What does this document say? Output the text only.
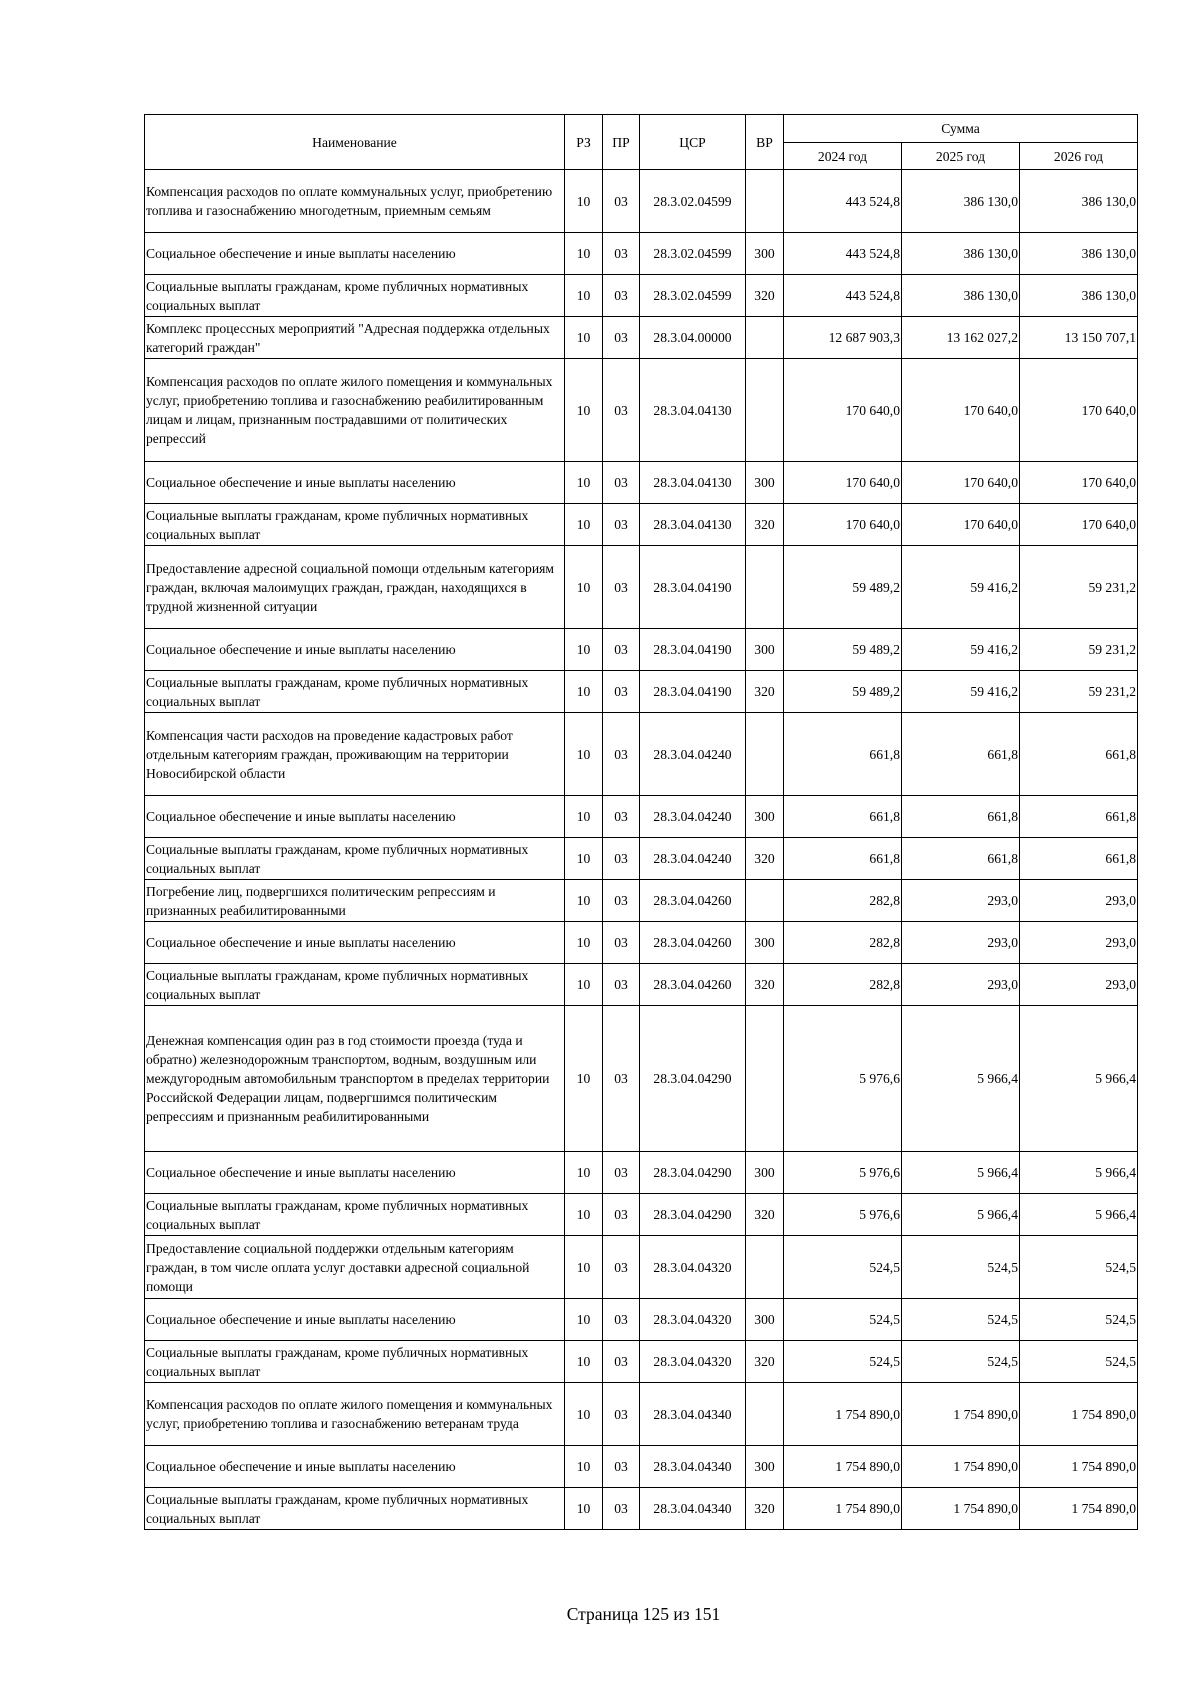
Наименование	РЗ	ПР	ЦСР	ВР	Сумма		
					2024 год	2025 год	2026 год
Компенсация расходов по оплате коммунальных услуг, приобретению топлива и газоснабжению многодетным, приемным семьям	10	03	28.3.02.04599		443 524,8	386 130,0	386 130,0
Социальное обеспечение и иные выплаты населению	10	03	28.3.02.04599	300	443 524,8	386 130,0	386 130,0
Социальные выплаты гражданам, кроме публичных нормативных социальных выплат	10	03	28.3.02.04599	320	443 524,8	386 130,0	386 130,0
Комплекс процессных мероприятий "Адресная поддержка отдельных категорий граждан"	10	03	28.3.04.00000		12 687 903,3	13 162 027,2	13 150 707,1
Компенсация расходов по оплате жилого помещения и коммунальных услуг, приобретению топлива и газоснабжению реабилитированным лицам и лицам, признанным пострадавшими от политических репрессий	10	03	28.3.04.04130		170 640,0	170 640,0	170 640,0
Социальное обеспечение и иные выплаты населению	10	03	28.3.04.04130	300	170 640,0	170 640,0	170 640,0
Социальные выплаты гражданам, кроме публичных нормативных социальных выплат	10	03	28.3.04.04130	320	170 640,0	170 640,0	170 640,0
Предоставление адресной социальной помощи отдельным категориям граждан, включая малоимущих граждан, граждан, находящихся в трудной жизненной ситуации	10	03	28.3.04.04190		59 489,2	59 416,2	59 231,2
Социальное обеспечение и иные выплаты населению	10	03	28.3.04.04190	300	59 489,2	59 416,2	59 231,2
Социальные выплаты гражданам, кроме публичных нормативных социальных выплат	10	03	28.3.04.04190	320	59 489,2	59 416,2	59 231,2
Компенсация части расходов на проведение кадастровых работ отдельным категориям граждан, проживающим на территории Новосибирской области	10	03	28.3.04.04240		661,8	661,8	661,8
Социальное обеспечение и иные выплаты населению	10	03	28.3.04.04240	300	661,8	661,8	661,8
Социальные выплаты гражданам, кроме публичных нормативных социальных выплат	10	03	28.3.04.04240	320	661,8	661,8	661,8
Погребение лиц, подвергшихся политическим репрессиям и признанных реабилитированными	10	03	28.3.04.04260		282,8	293,0	293,0
Социальное обеспечение и иные выплаты населению	10	03	28.3.04.04260	300	282,8	293,0	293,0
Социальные выплаты гражданам, кроме публичных нормативных социальных выплат	10	03	28.3.04.04260	320	282,8	293,0	293,0
Денежная компенсация один раз в год стоимости проезда (туда и обратно) железнодорожным транспортом, водным, воздушным или междугородным автомобильным транспортом в пределах территории Российской Федерации лицам, подвергшимся политическим репрессиям и признанным реабилитированными	10	03	28.3.04.04290		5 976,6	5 966,4	5 966,4
Социальное обеспечение и иные выплаты населению	10	03	28.3.04.04290	300	5 976,6	5 966,4	5 966,4
Социальные выплаты гражданам, кроме публичных нормативных социальных выплат	10	03	28.3.04.04290	320	5 976,6	5 966,4	5 966,4
Предоставление социальной поддержки отдельным категориям граждан, в том числе оплата услуг доставки адресной социальной помощи	10	03	28.3.04.04320		524,5	524,5	524,5
Социальное обеспечение и иные выплаты населению	10	03	28.3.04.04320	300	524,5	524,5	524,5
Социальные выплаты гражданам, кроме публичных нормативных социальных выплат	10	03	28.3.04.04320	320	524,5	524,5	524,5
Компенсация расходов по оплате жилого помещения и коммунальных услуг, приобретению топлива и газоснабжению ветеранам труда	10	03	28.3.04.04340		1 754 890,0	1 754 890,0	1 754 890,0
Социальное обеспечение и иные выплаты населению	10	03	28.3.04.04340	300	1 754 890,0	1 754 890,0	1 754 890,0
Социальные выплаты гражданам, кроме публичных нормативных социальных выплат	10	03	28.3.04.04340	320	1 754 890,0	1 754 890,0	1 754 890,0
Страница 125 из 151
